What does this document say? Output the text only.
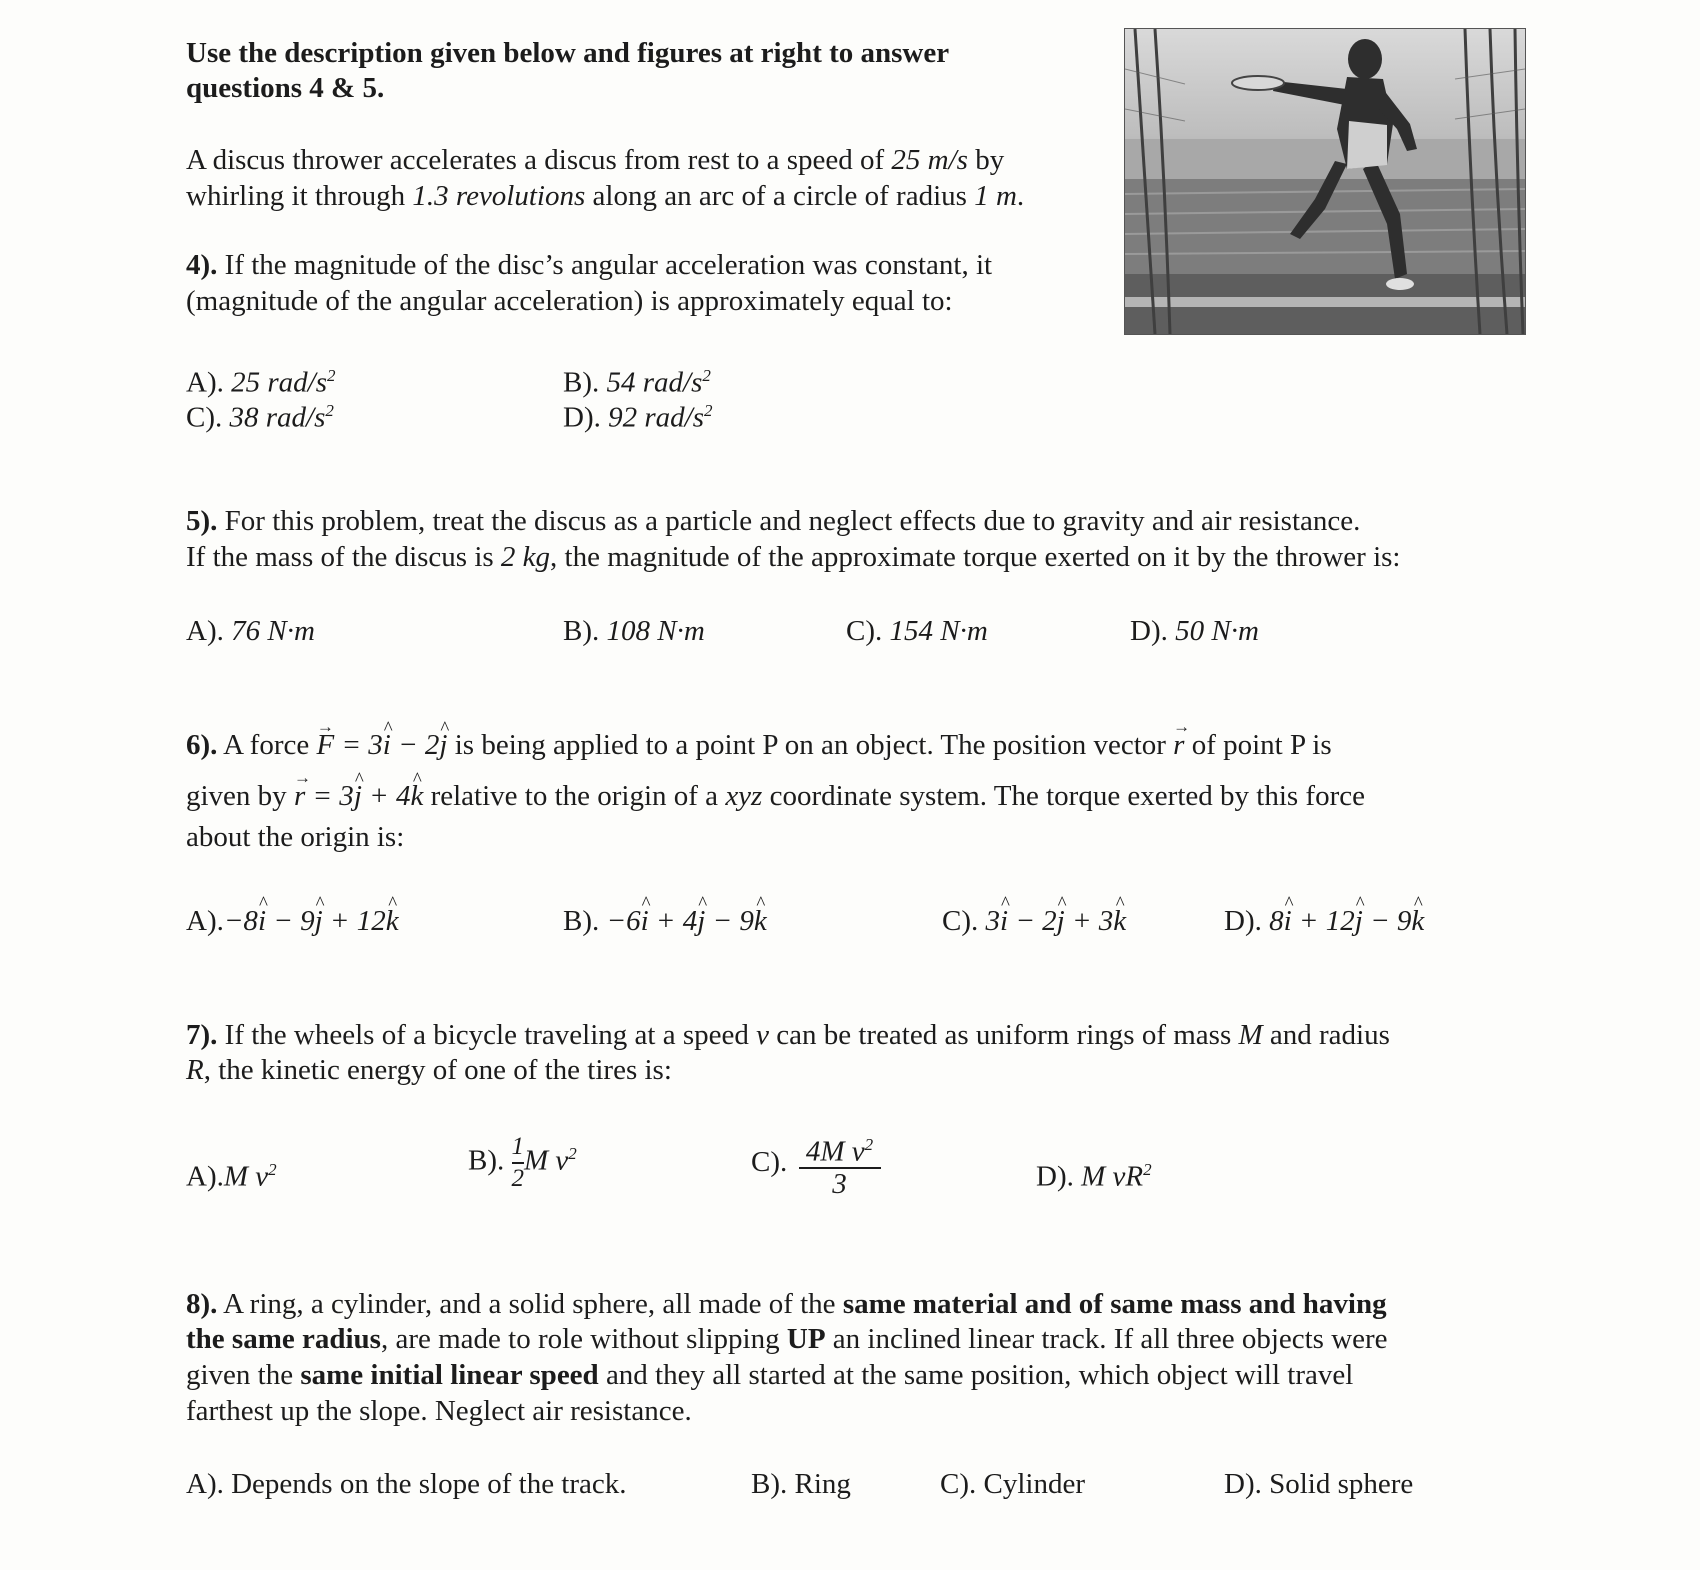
Use the description given below and figures at right to answer
questions 4 & 5.
A discus thrower accelerates a discus from rest to a speed of 25 m/s by
whirling it through 1.3 revolutions along an arc of a circle of radius 1 m.
4). If the magnitude of the disc’s angular acceleration was constant, it
(magnitude of the angular acceleration) is approximately equal to:
A). 25 rad/$s^2$	B). 54 rad/$s^2$
C). 38 rad/$s^2$	D). 92 rad/$s^2$
5). For this problem, treat the discus as a particle and neglect effects due to gravity and air resistance.
If the mass of the discus is 2 kg, the magnitude of the approximate torque exerted on it by the thrower is:
A). 76 N·m	B). 108 N·m	C). 154 N·m	D). 50 N·m
6). A force → F = 3^ i − 2^ j is being applied to a point P on an object. The position vector → r of point P is
given by → r = 3^ j + 4^ k relative to the origin of a xyz coordinate system. The torque exerted by this force
about the origin is:
A).−8^ i − 9^ j + 12^ k	B). −6^ i + 4^ j − 9^ k	C). 3^ i − 2^ j + 3^ k	D). 8^ i + 12^ j − 9^ k
7). If the wheels of a bicycle traveling at a speed v can be treated as uniform rings of mass M and radius
R, the kinetic energy of one of the tires is:
A).M $v^2$	B). $\frac{1}{2}$ M $v^2$	C). $\frac{4M v^2}{3}$	D). M $vR^2$
8). A ring, a cylinder, and a solid sphere, all made of the same material and of same mass and having
the same radius, are made to role without slipping UP an inclined linear track. If all three objects were
given the same initial linear speed and they all started at the same position, which object will travel
farthest up the slope. Neglect air resistance.
A). Depends on the slope of the track.	B). Ring	C). Cylinder	D). Solid sphere
